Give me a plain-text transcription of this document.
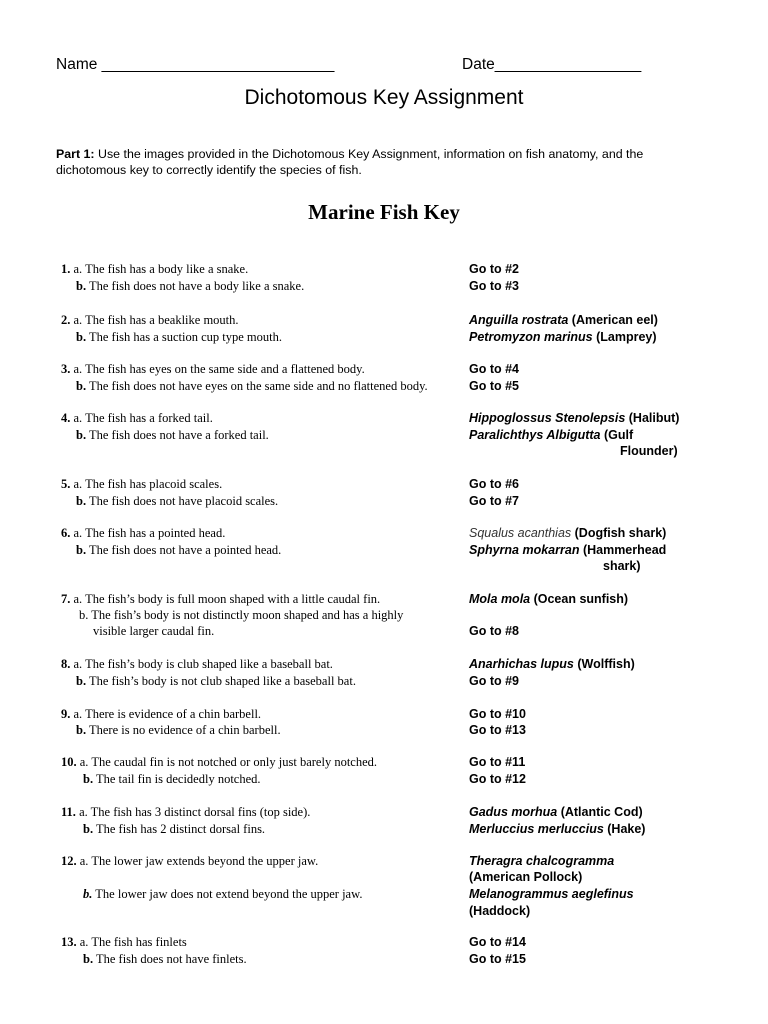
Name ___________________________	Date_________________
Dichotomous Key Assignment
Part 1: Use the images provided in the Dichotomous Key Assignment, information on fish anatomy, and the dichotomous key to correctly identify the species of fish.
Marine Fish Key
1. a. The fish has a body like a snake.
b. The fish does not have a body like a snake.
Go to #2
Go to #3
2. a. The fish has a beaklike mouth.
b. The fish has a suction cup type mouth.
Anguilla rostrata (American eel)
Petromyzon marinus (Lamprey)
3. a. The fish has eyes on the same side and a flattened body.
b. The fish does not have eyes on the same side and no flattened body.
Go to #4
Go to #5
4. a. The fish has a forked tail.
b. The fish does not have a forked tail.
Hippoglossus Stenolepsis (Halibut)
Paralichthys Albigutta (Gulf
Flounder)
5. a. The fish has placoid scales.
b. The fish does not have placoid scales.
Go to #6
Go to #7
6. a. The fish has a pointed head.
b. The fish does not have a pointed head.
Squalus acanthias (Dogfish shark)
Sphyrna mokarran (Hammerhead
shark)
7. a. The fish’s body is full moon shaped with a little caudal fin.
b. The fish’s body is not distinctly moon shaped and has a highly
visible larger caudal fin.
Mola mola (Ocean sunfish)
Go to #8
8. a. The fish’s body is club shaped like a baseball bat.
b. The fish’s body is not club shaped like a baseball bat.
Anarhichas lupus (Wolffish)
Go to #9
9. a. There is evidence of a chin barbell.
b. There is no evidence of a chin barbell.
Go to #10
Go to #13
10. a. The caudal fin is not notched or only just barely notched.
b. The tail fin is decidedly notched.
Go to #11
Go to #12
11. a. The fish has 3 distinct dorsal fins (top side).
b. The fish has 2 distinct dorsal fins.
Gadus morhua (Atlantic Cod)
Merluccius merluccius (Hake)
12. a. The lower jaw extends beyond the upper jaw.
b. The lower jaw does not extend beyond the upper jaw.
Theragra chalcogramma
(American Pollock)
Melanogrammus aeglefinus
(Haddock)
13. a. The fish has finlets
b. The fish does not have finlets.
Go to #14
Go to #15
